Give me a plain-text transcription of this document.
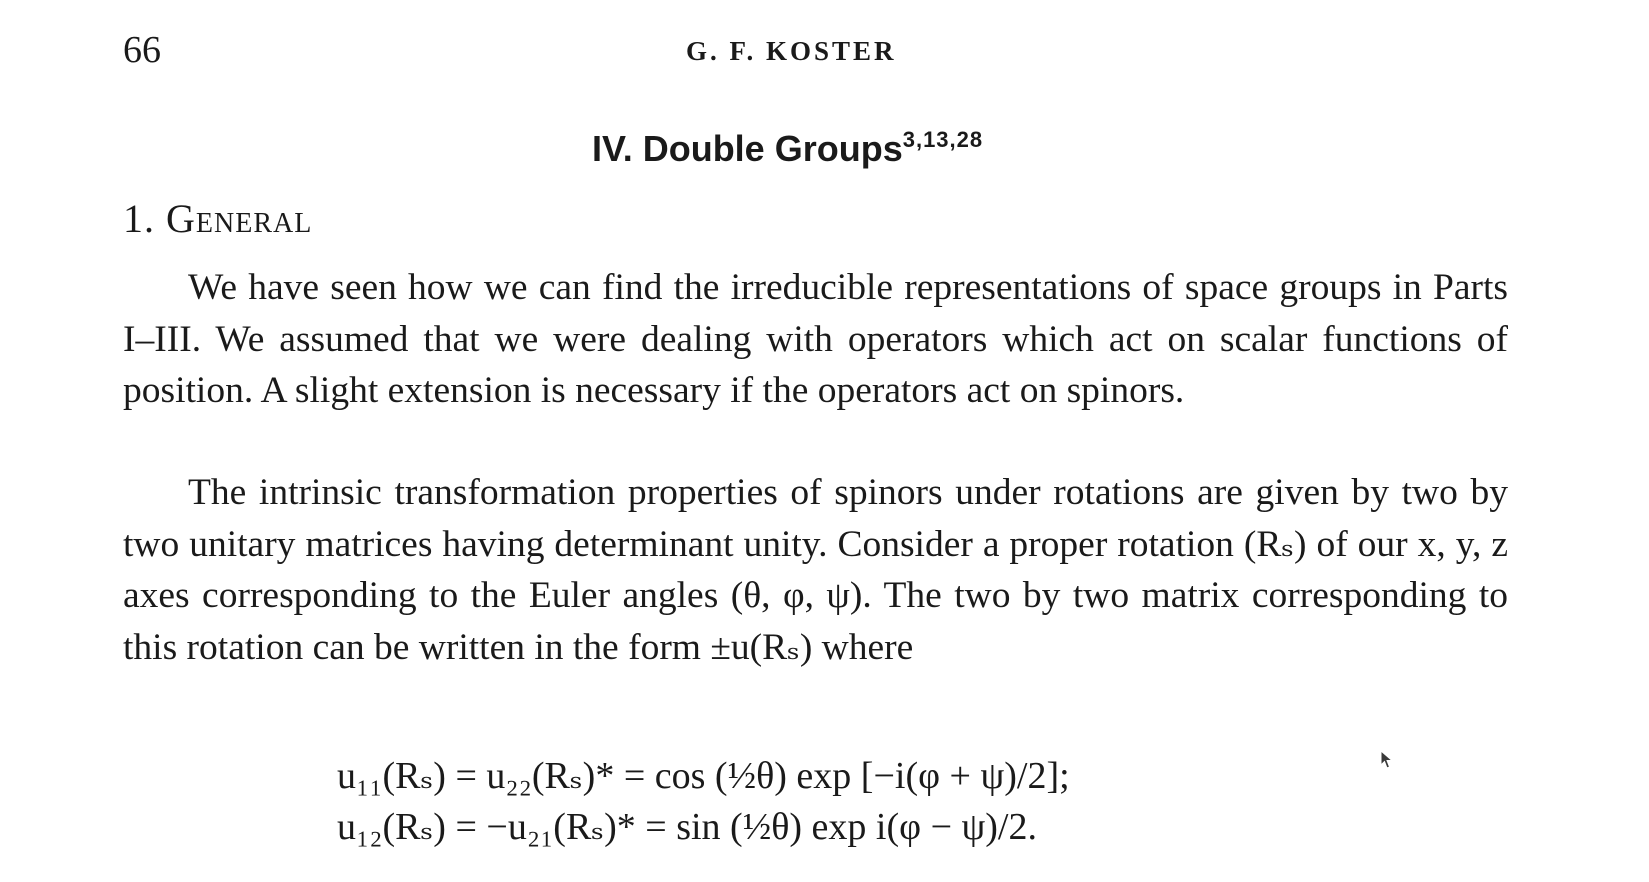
66	G. F. KOSTER
IV. Double Groups$^{3,13,28}$
1. General

We have seen how we can find the irreducible representations of space groups in Parts I–III. We assumed that we were dealing with operators which act on scalar functions of position. A slight extension is necessary if the operators act on spinors.

The intrinsic transformation properties of spinors under rotations are given by two by two unitary matrices having determinant unity. Consider a proper rotation (Rₛ) of our x, y, z axes corresponding to the Euler angles (θ, φ, ψ). The two by two matrix corresponding to this rotation can be written in the form ±u(Rₛ) where

u₁₁(Rₛ) = u₂₂(Rₛ)* = cos (½θ) exp [−i(φ + ψ)/2];
u₁₂(Rₛ) = −u₂₁(Rₛ)* = sin (½θ) exp i(φ − ψ)/2.
